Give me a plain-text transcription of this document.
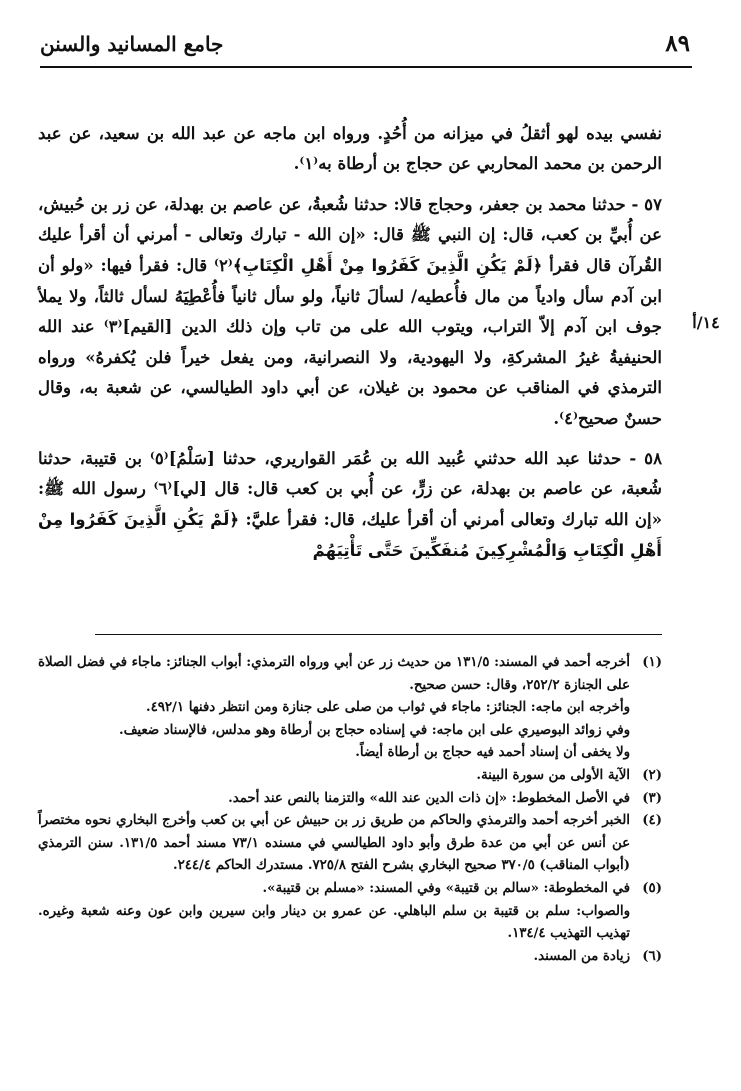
٨٩
جامع المسانيد والسنن
١٤/أ

نفسي بيده لهو أثقلُ في ميزانه من أُحُدٍ. ورواه ابن ماجه عن عبد الله بن سعيد، عن عبد الرحمن بن محمد المحاربي عن حجاج بن أرطاة به⁽١⁾.

٥٧ - حدثنا محمد بن جعفر، وحجاج قالا: حدثنا شُعبةُ، عن عاصم بن بهدلة، عن زر بن حُبيش، عن أُبيِّ بن كعب، قال: إن النبي ﷺ قال: «إن الله - تبارك وتعالى - أمرني أن أقرأ عليك القُرآن قال فقرأ ﴿لَمْ يَكُنِ الَّذِينَ كَفَرُوا مِنْ أَهْلِ الْكِتَابِ﴾⁽٢⁾ قال: فقرأ فيها: «ولو أن ابن آدم سأل وادياً من مال فأُعطيه/ لسألَ ثانياً، ولو سأل ثانياً فأُعْطِيَهُ لسأل ثالثاً، ولا يملأ جوف ابن آدم إلاّ التراب، ويتوب الله على من تاب وإن ذلك الدين [القيم]⁽٣⁾ عند الله الحنيفيةُ غيرُ المشركةِ، ولا اليهودية، ولا النصرانية، ومن يفعل خيراً فلن يُكفرهُ» ورواه الترمذي في المناقب عن محمود بن غيلان، عن أبي داود الطيالسي، عن شعبة به، وقال حسنٌ صحيح⁽٤⁾.

٥٨ - حدثنا عبد الله حدثني عُبيد الله بن عُمَر القواريري، حدثنا [سَلْمُ]⁽٥⁾ بن قتيبة، حدثنا شُعبة، عن عاصم بن بهدلة، عن زرٍّ، عن أُبي بن كعب قال: قال [لي]⁽٦⁾ رسول الله ﷺ: «إن الله تبارك وتعالى أمرني أن أقرأ عليك، قال: فقرأ عليَّ: ﴿لَمْ يَكُنِ الَّذِينَ كَفَرُوا مِنْ أَهْلِ الْكِتَابِ وَالْمُشْرِكِينَ مُنفَكِّينَ حَتَّى تَأْتِيَهُمْ

(١)
أخرجه أحمد في المسند: ١٣١/٥ من حديث زر عن أبي ورواه الترمذي: أبواب الجنائز: ماجاء في فضل الصلاة على الجنازة ٢٥٢/٢، وقال: حسن صحيح.
وأخرجه ابن ماجه: الجنائز: ماجاء في ثواب من صلى على جنازة ومن انتظر دفنها ٤٩٢/١.
وفي زوائد البوصيري على ابن ماجه: في إسناده حجاج بن أرطاة وهو مدلس، فالإسناد ضعيف.
ولا يخفى أن إسناد أحمد فيه حجاج بن أرطاة أيضاً.
(٢)
الآية الأولى من سورة البينة.
(٣)
في الأصل المخطوط: «إن ذات الدين عند الله» والتزمنا بالنص عند أحمد.
(٤)
الخبر أخرجه أحمد والترمذي والحاكم من طريق زر بن حبيش عن أبي بن كعب وأخرج البخاري نحوه مختصراً عن أنس عن أبي من عدة طرق وأبو داود الطيالسي في مسنده ٧٣/١ مسند أحمد ١٣١/٥. سنن الترمذي (أبواب المناقب) ٣٧٠/٥ صحيح البخاري بشرح الفتح ٧٢٥/٨. مستدرك الحاكم ٢٤٤/٤.
(٥)
في المخطوطة: «سالم بن قتيبة» وفي المسند: «مسلم بن قتيبة».
والصواب: سلم بن قتيبة بن سلم الباهلي. عن عمرو بن دينار وابن سيرين وابن عون وعنه شعبة وغيره. تهذيب التهذيب ١٣٤/٤.
(٦)
زيادة من المسند.
